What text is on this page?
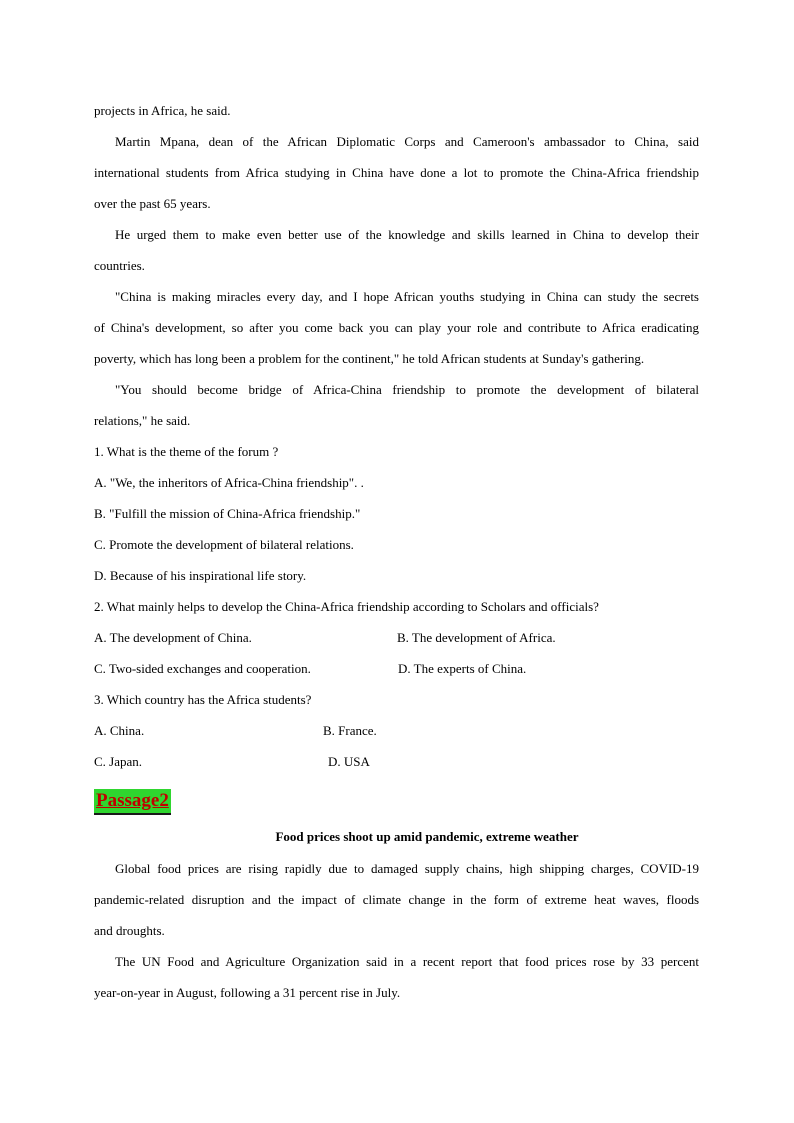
projects in Africa, he said.

Martin Mpana, dean of the African Diplomatic Corps and Cameroon's ambassador to China, said

international students from Africa studying in China have done a lot to promote the China-Africa friendship

over the past 65 years.

He urged them to make even better use of the knowledge and skills learned in China to develop their

countries.

"China is making miracles every day, and I hope African youths studying in China can study the secrets

of China's development, so after you come back you can play your role and contribute to Africa eradicating

poverty, which has long been a problem for the continent," he told African students at Sunday's gathering.

"You should become bridge of Africa-China friendship to promote the development of bilateral

relations," he said.

1. What is the theme of the forum ?

A. "We, the inheritors of Africa-China friendship". .

B. "Fulfill the mission of China-Africa friendship."

C. Promote the development of bilateral relations.

D. Because of his inspirational life story.

2. What mainly helps to develop the China-Africa friendship according to Scholars and officials?

A. The development of China.	B. The development of Africa.
C. Two-sided exchanges and cooperation.	D. The experts of China.

3. Which country has the Africa students?

A. China.	B. France.
C. Japan.	D. USA
Passage2
Food prices shoot up amid pandemic, extreme weather

Global food prices are rising rapidly due to damaged supply chains, high shipping charges, COVID-19

pandemic-related disruption and the impact of climate change in the form of extreme heat waves, floods

and droughts.

The UN Food and Agriculture Organization said in a recent report that food prices rose by 33 percent

year-on-year in August, following a 31 percent rise in July.
